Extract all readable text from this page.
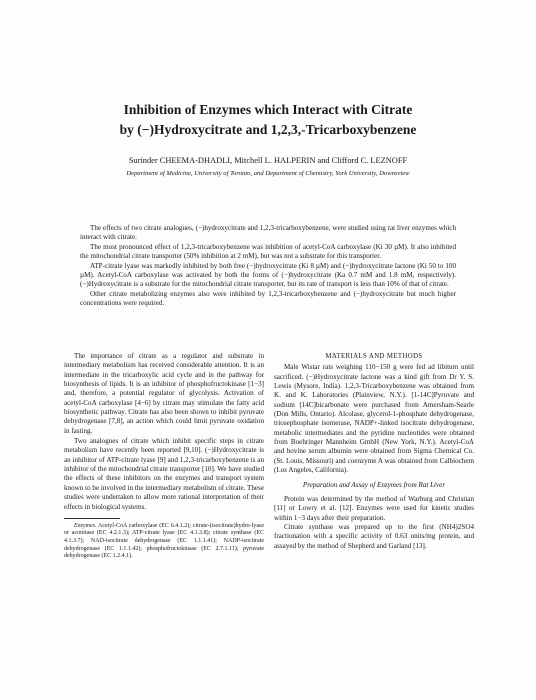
Inhibition of Enzymes which Interact with Citrate
by (−)Hydroxycitrate and 1,2,3,-Tricarboxybenzene
Surinder CHEEMA-DHADLI, Mitchell L. HALPERIN and Clifford C. LEZNOFF
Department of Medicine, University of Toronto, and Department of Chemistry, York University, Downsview

The effects of two citrate analogues, (−)hydroxycitrate and 1,2,3-tricarboxybenzene, were studied using rat liver enzymes which interact with citrate.

The most pronounced effect of 1,2,3-tricarboxybenzene was inhibition of acetyl-CoA carboxylase (Ki 30 µM). It also inhibited the mitochondrial citrate transporter (50% inhibition at 2 mM), but was not a substrate for this transporter.

ATP-citrate lyase was markedly inhibited by both free (−)hydroxycitrate (Ki 8 µM) and (−)hydroxycitrate lactone (Ki 50 to 100 µM). Acetyl-CoA carboxylase was activated by both the forms of (−)hydroxycitrate (Ka 0.7 mM and 1.8 mM, respectively). (−)Hydroxycitrate is a substrate for the mitochondrial citrate transporter, but its rate of transport is less than 10% of that of citrate.

Other citrate metabolizing enzymes also were inhibited by 1,2,3-tricarboxybenzene and (−)hydroxycitrate but much higher concentrations were required.

The importance of citrate as a regulator and substrate in intermediary metabolism has received considerable attention. It is an intermediate in the tricarboxylic acid cycle and in the pathway for biosynthesis of lipids. It is an inhibitor of phosphofructokinase [1−3] and, therefore, a potential regulator of glycolysis. Activation of acetyl-CoA carboxylase [4−6] by citrate may stimulate the fatty acid biosynthetic pathway. Citrate has also been shown to inhibit pyruvate dehydrogenase [7,8], an action which could limit pyruvate oxidation in fasting.

Two analogues of citrate which inhibit specific steps in citrate metabolism have recently been reported [9,10]. (−)Hydroxycitrate is an inhibitor of ATP-citrate lyase [9] and 1,2,3-tricarboxybenzene is an inhibitor of the mitochondrial citrate transporter [10]. We have studied the effects of these inhibitors on the enzymes and transport system known to be involved in the intermediary metabolism of citrate. These studies were undertaken to allow more rational interpretation of their effects in biological systems.

Enzymes. Acetyl-CoA carboxylase (EC 6.4.1.2); citrate-(isocitrate)hydro-lyase or aconitase (EC 4.2.1.3); ATP-citrate lyase (EC 4.1.3.8); citrate synthase (EC 4.1.3.7); NAD-isocitrate dehydrogenase (EC 1.1.1.41); NADP-isocitrate dehydrogenase (EC 1.1.1.42); phosphofructokinase (EC 2.7.1.11); pyruvate dehydrogenase (EC 1.2.4.1).

MATERIALS AND METHODS

Male Wistar rats weighing 110−150 g were fed ad libitum until sacrificed. (−)Hydroxycitrate lactone was a kind gift from Dr Y. S. Lewis (Mysore, India). 1,2,3-Tricarboxybenzene was obtained from K. and K. Laboratories (Plainview, N.Y.). [1-14C]Pyruvate and sodium [14C]bicarbonate were purchased from Amersham-Searle (Don Mills, Ontario). Alcolase, glycerol-1-phosphate dehydrogenase, triosephosphate isomerase, NADP+-linked isocitrate dehydrogenase, metabolic intermediates and the pyridine nucleotides were obtained from Boehringer Mannheim GmbH (New York, N.Y.). Acetyl-CoA and bovine serum albumin were obtained from Sigma Chemical Co. (St. Louis, Missouri) and coenzyme A was obtained from Calbiochem (Los Angeles, California).

Preparation and Assay of Enzymes from Rat Liver

Protein was determined by the method of Warburg and Christian [11] or Lowry et al. [12]. Enzymes were used for kinetic studies within 1−3 days after their preparation.

Citrate synthase was prepared up to the first (NH4)2SO4 fractionation with a specific activity of 0.63 units/mg protein, and assayed by the method of Shepherd and Garland [13].
